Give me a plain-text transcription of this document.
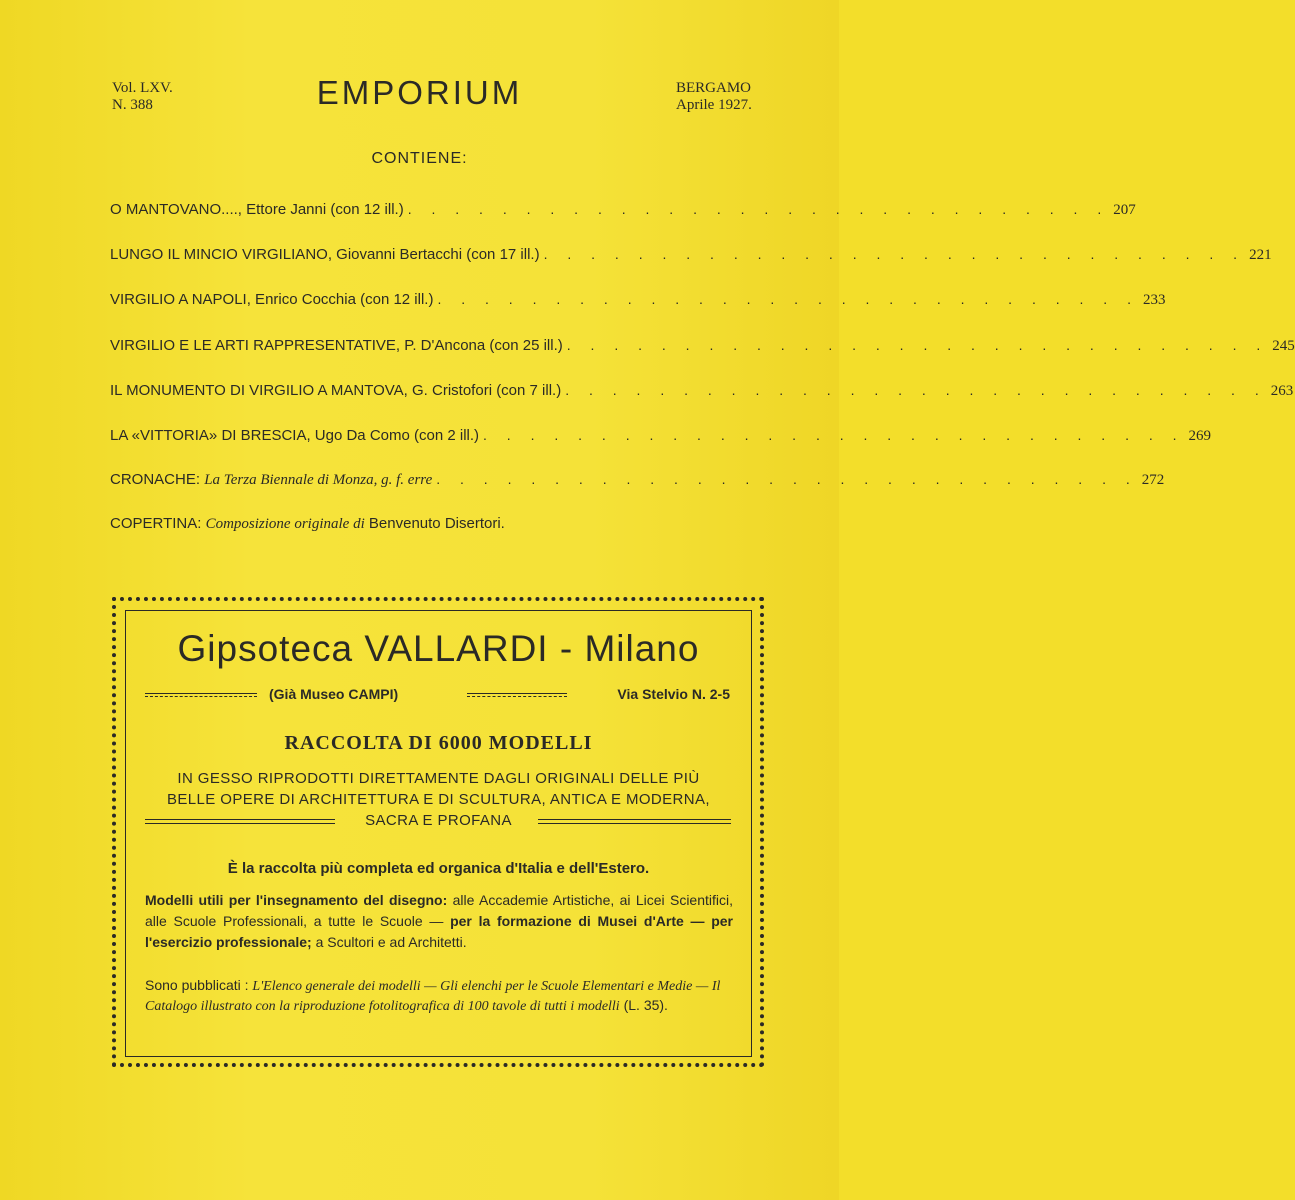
Vol. LXV.
N. 388	EMPORIUM	BERGAMO
Aprile 1927.
CONTIENE:
O MANTOVANO...., Ettore Janni (con 12 ill.) . . . . . . . . . . . . . . . . . . . . . . . . . . . . . . 207
LUNGO IL MINCIO VIRGILIANO, Giovanni Bertacchi (con 17 ill.) . . . . . . . . . . . . . . . . . . . . . . . . . . . . . . 221
VIRGILIO A NAPOLI, Enrico Cocchia (con 12 ill.) . . . . . . . . . . . . . . . . . . . . . . . . . . . . . . 233
VIRGILIO E LE ARTI RAPPRESENTATIVE, P. D'Ancona (con 25 ill.) . . . . . . . . . . . . . . . . . . . . . . . . . . . . . . 245
IL MONUMENTO DI VIRGILIO A MANTOVA, G. Cristofori (con 7 ill.) . . . . . . . . . . . . . . . . . . . . . . . . . . . . . . 263
LA «VITTORIA» DI BRESCIA, Ugo Da Como (con 2 ill.) . . . . . . . . . . . . . . . . . . . . . . . . . . . . . . 269
CRONACHE: La Terza Biennale di Monza, g. f. erre . . . . . . . . . . . . . . . . . . . . . . . . . . . . . . 272
COPERTINA: Composizione originale di Benvenuto Disertori.
Gipsoteca VALLARDI - Milano
(Già Museo CAMPI)	Via Stelvio N. 2-5
RACCOLTA DI 6000 MODELLI
IN GESSO RIPRODOTTI DIRETTAMENTE DAGLI ORIGINALI DELLE PIÙ
BELLE OPERE DI ARCHITETTURA E DI SCULTURA, ANTICA E MODERNA,
SACRA E PROFANA
È la raccolta più completa ed organica d'Italia e dell'Estero.
Modelli utili per l'insegnamento del disegno: alle Accademie Artistiche, ai Licei Scientifici, alle Scuole Professionali, a tutte le Scuole — per la formazione di Musei d'Arte — per l'esercizio professionale; a Scultori e ad Architetti.
Sono pubblicati : L'Elenco generale dei modelli — Gli elenchi per le Scuole Elementari e Medie — Il Catalogo illustrato con la riproduzione fotolitografica di 100 tavole di tutti i modelli (L. 35).
